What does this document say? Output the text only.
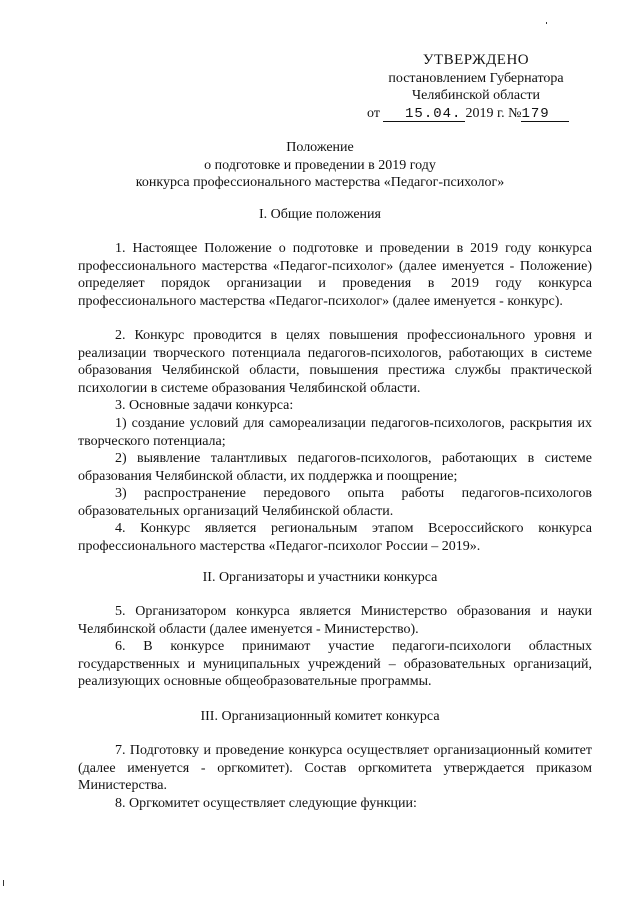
УТВЕРЖДЕНО
постановлением Губернатора
Челябинской области
от 15.04. 2019 г. №179
Положение
о подготовке и проведении в 2019 году
конкурса профессионального мастерства «Педагог-психолог»
I. Общие положения
1. Настоящее Положение о подготовке и проведении в 2019 году конкурса профессионального мастерства «Педагог-психолог» (далее именуется - Положение) определяет порядок организации и проведения в 2019 году конкурса профессионального мастерства «Педагог-психолог» (далее именуется - конкурс).
2. Конкурс проводится в целях повышения профессионального уровня и реализации творческого потенциала педагогов-психологов, работающих в системе образования Челябинской области, повышения престижа службы практической психологии в системе образования Челябинской области.
3. Основные задачи конкурса:
1) создание условий для самореализации педагогов-психологов, раскрытия их творческого потенциала;
2) выявление талантливых педагогов-психологов, работающих в системе образования Челябинской области, их поддержка и поощрение;
3) распространение передового опыта работы педагогов-психологов образовательных организаций Челябинской области.
4. Конкурс является региональным этапом Всероссийского конкурса профессионального мастерства «Педагог-психолог России – 2019».
II. Организаторы и участники конкурса
5. Организатором конкурса является Министерство образования и науки Челябинской области (далее именуется - Министерство).
6. В конкурсе принимают участие педагоги-психологи областных государственных и муниципальных учреждений – образовательных организаций, реализующих основные общеобразовательные программы.
III. Организационный комитет конкурса
7. Подготовку и проведение конкурса осуществляет организационный комитет (далее именуется - оргкомитет). Состав оргкомитета утверждается приказом Министерства.
8. Оргкомитет осуществляет следующие функции:
